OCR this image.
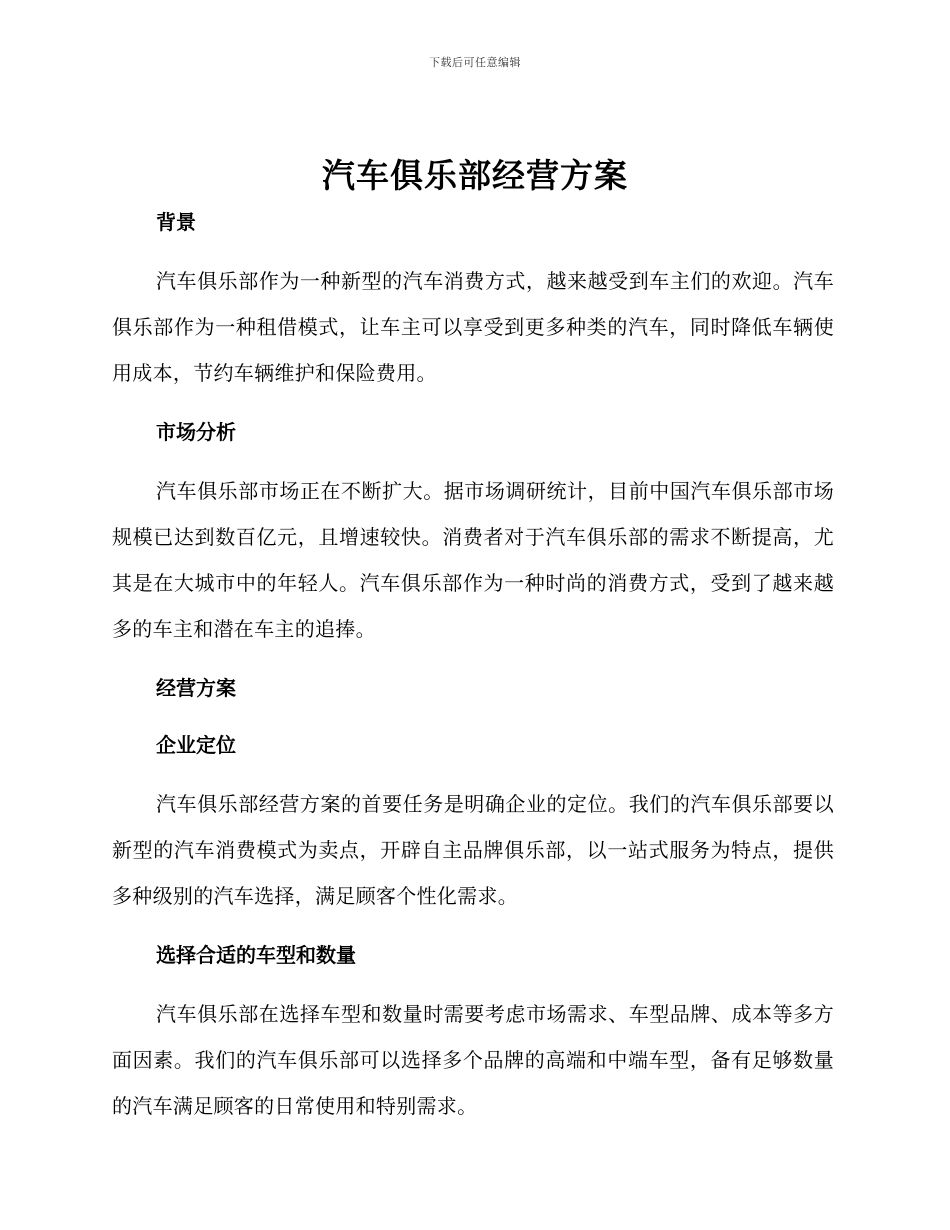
下载后可任意编辑
汽车俱乐部经营方案
背景

汽车俱乐部作为一种新型的汽车消费方式，越来越受到车主们的欢迎。汽车俱乐部作为一种租借模式，让车主可以享受到更多种类的汽车，同时降低车辆使用成本，节约车辆维护和保险费用。

市场分析

汽车俱乐部市场正在不断扩大。据市场调研统计，目前中国汽车俱乐部市场规模已达到数百亿元，且增速较快。消费者对于汽车俱乐部的需求不断提高，尤其是在大城市中的年轻人。汽车俱乐部作为一种时尚的消费方式，受到了越来越多的车主和潜在车主的追捧。

经营方案
企业定位

汽车俱乐部经营方案的首要任务是明确企业的定位。我们的汽车俱乐部要以新型的汽车消费模式为卖点，开辟自主品牌俱乐部，以一站式服务为特点，提供多种级别的汽车选择，满足顾客个性化需求。

选择合适的车型和数量

汽车俱乐部在选择车型和数量时需要考虑市场需求、车型品牌、成本等多方面因素。我们的汽车俱乐部可以选择多个品牌的高端和中端车型，备有足够数量的汽车满足顾客的日常使用和特别需求。
